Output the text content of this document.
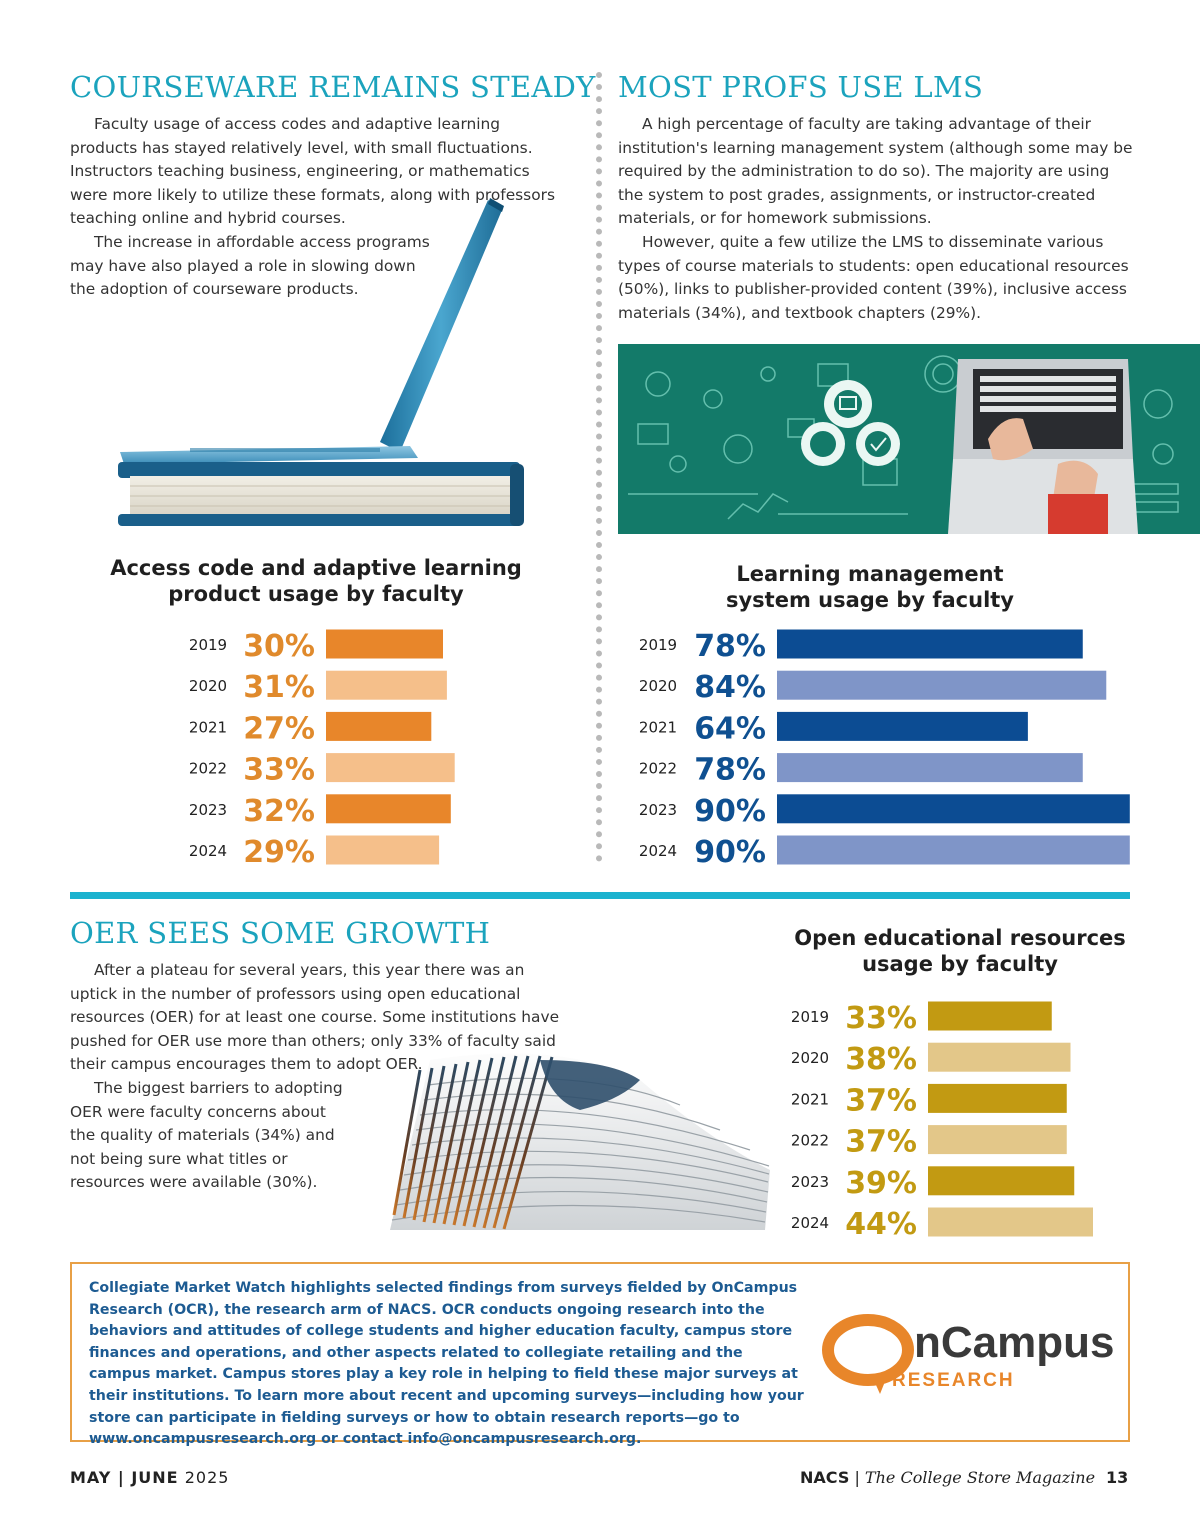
COURSEWARE REMAINS STEADY

Faculty usage of access codes and adaptive learning products has stayed relatively level, with small fluctuations. Instructors teaching business, engineering, or mathematics were more likely to utilize these formats, along with professors teaching online and hybrid courses.

The increase in affordable access programs may have also played a role in slowing down the adoption of courseware products.

MOST PROFS USE LMS

A high percentage of faculty are taking advantage of their institution's learning management system (although some may be required by the administration to do so). The majority are using the system to post grades, assignments, or instructor-created materials, or for homework submissions.

However, quite a few utilize the LMS to disseminate various types of course materials to students: open educational resources (50%), links to publisher-provided content (39%), inclusive access materials (34%), and textbook chapters (29%).

Access code and adaptive learning product usage by faculty
2019 30%
2020 31%
2021 27%
2022 33%
2023 32%
2024 29%
Learning management system usage by faculty
2019 78%
2020 84%
2021 64%
2022 78%
2023 90%
2024 90%
OER SEES SOME GROWTH

After a plateau for several years, this year there was an uptick in the number of professors using open educational resources (OER) for at least one course. Some institutions have pushed for OER use more than others; only 33% of faculty said their campus encourages them to adopt OER.

The biggest barriers to adopting OER were faculty concerns about the quality of materials (34%) and not being sure what titles or resources were available (30%).

Open educational resources usage by faculty
2019 33%
2020 38%
2021 37%
2022 37%
2023 39%
2024 44%
Collegiate Market Watch highlights selected findings from surveys fielded by OnCampus Research (OCR), the research arm of NACS. OCR conducts ongoing research into the behaviors and attitudes of college students and higher education faculty, campus store finances and operations, and other aspects related to collegiate retailing and the campus market. Campus stores play a key role in helping to field these major surveys at their institutions. To learn more about recent and upcoming surveys—including how your store can participate in fielding surveys or how to obtain research reports—go to www.oncampusresearch.org or contact info@oncampusresearch.org.
nCampus
RESEARCH
MAY | JUNE 2025	NACS | The College Store Magazine 13
